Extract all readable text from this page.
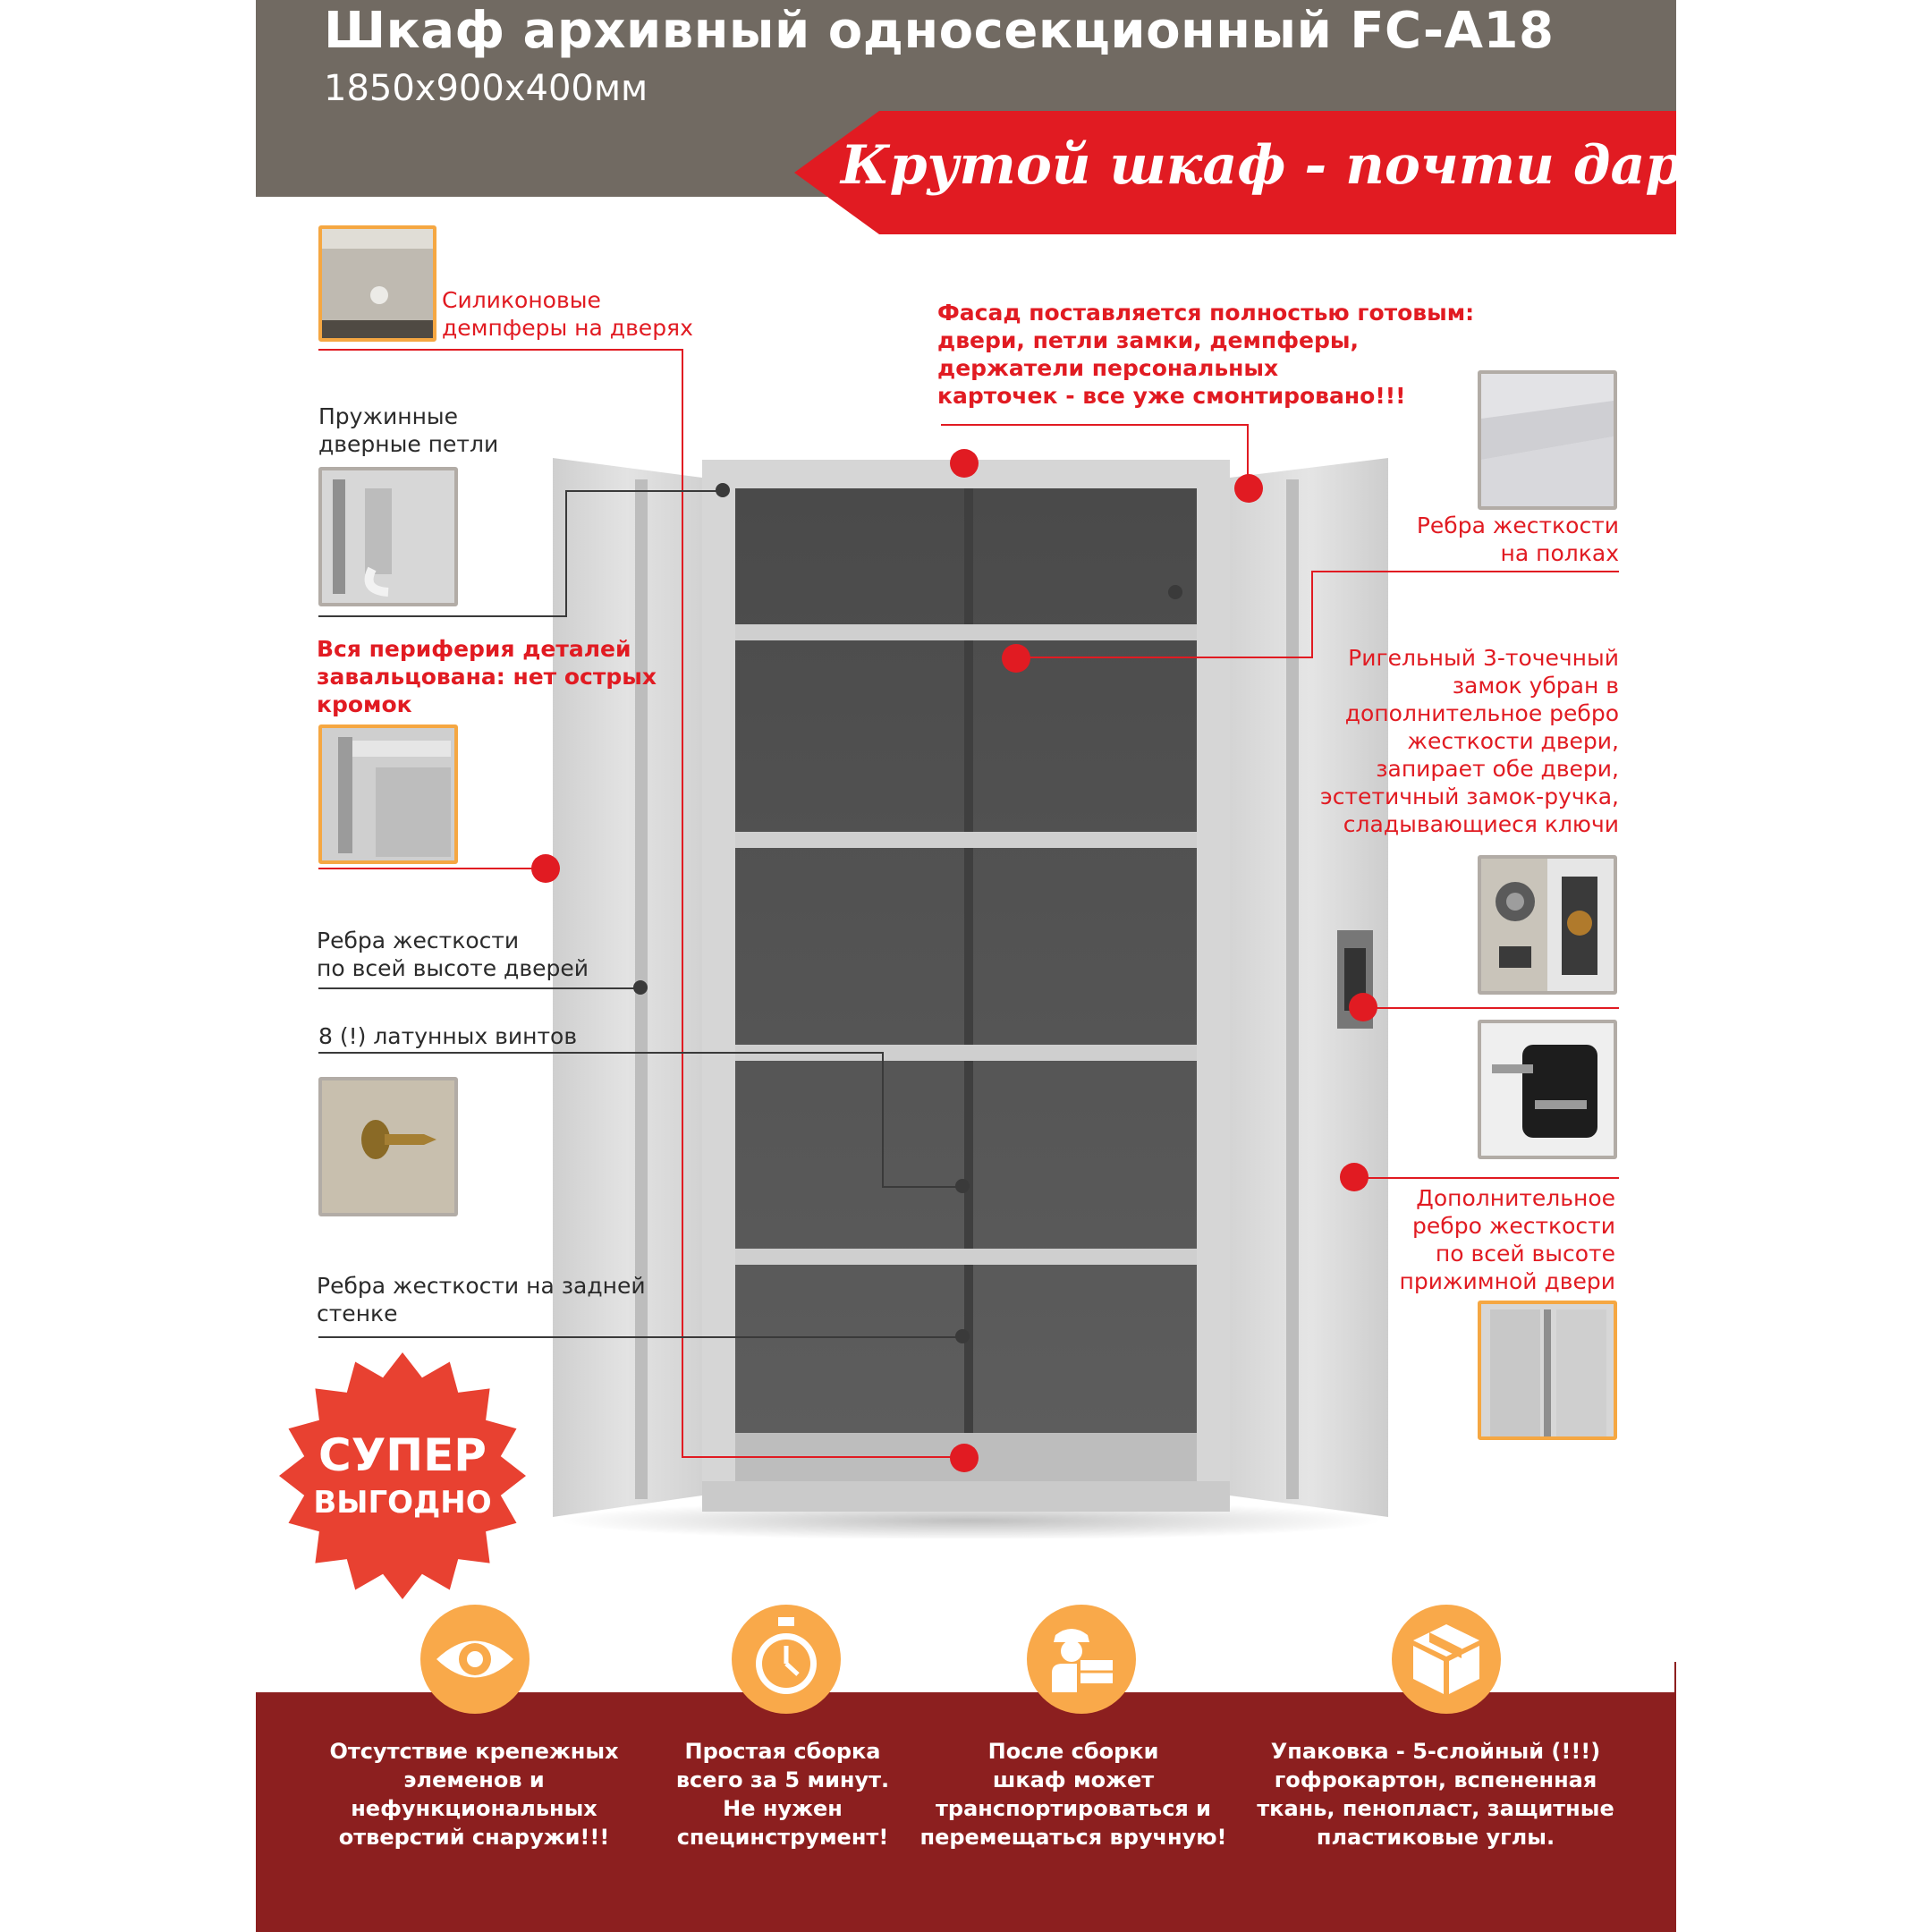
Шкаф архивный односекционный FC-A18
1850x900x400мм
Крутой шкаф - почти даром!
Силиконовые
демпферы на дверях
Пружинные
дверные петли
Вся периферия деталей
завальцована: нет острых
кромок
Ребра жесткости
по всей высоте дверей
8 (!) латунных винтов
Ребра жесткости на задней
стенке
Фасад поставляется полностью готовым:
двери, петли замки, демпферы,
держатели персональных
карточек - все уже смонтировано!!!
Ребра жесткости
на полках
Ригельный 3-точечный
замок убран в
дополнительное ребро
жесткости двери,
запирает обе двери,
эстетичный замок-ручка,
сладывающиеся ключи
Дополнительное
ребро жесткости
по всей высоте
прижимной двери
СУПЕР
ВЫГОДНО
Отсутствие крепежных
элеменов и
нефункциональных
отверстий снаружи!!!
Простая сборка
всего за 5 минут.
Не нужен
специнструмент!
После сборки
шкаф может
транспортироваться и
перемещаться вручную!
Упаковка - 5-слойный (!!!)
гофрокартон, вспененная
ткань, пенопласт, защитные
пластиковые углы.
